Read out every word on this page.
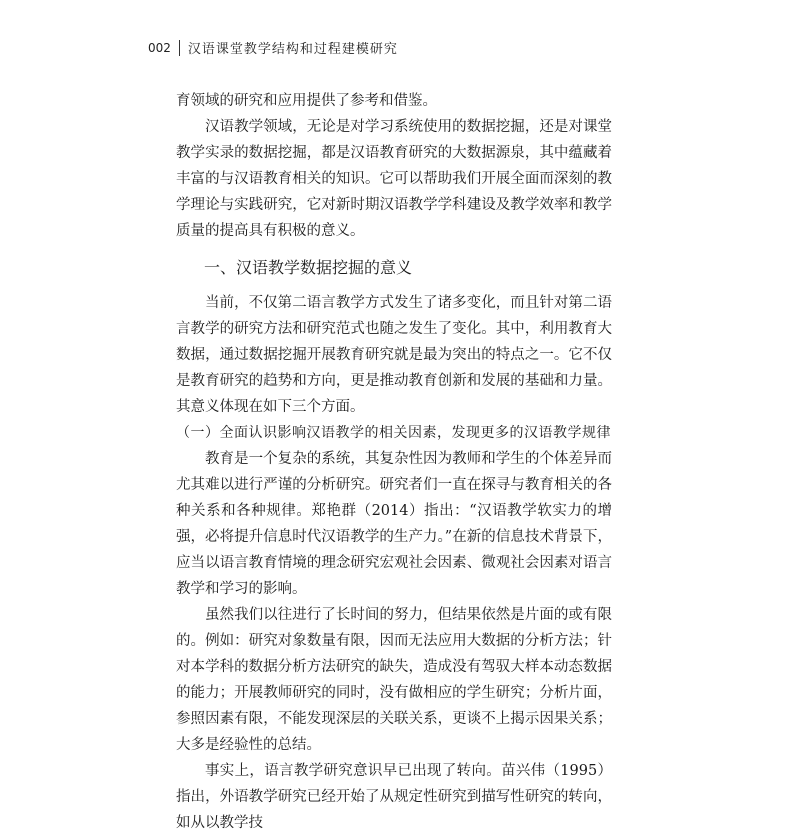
002	汉语课堂教学结构和过程建模研究

育领域的研究和应用提供了参考和借鉴。

汉语教学领域，无论是对学习系统使用的数据挖掘，还是对课堂教学实录的数据挖掘，都是汉语教育研究的大数据源泉，其中蕴藏着丰富的与汉语教育相关的知识。它可以帮助我们开展全面而深刻的教学理论与实践研究，它对新时期汉语教学学科建设及教学效率和教学质量的提高具有积极的意义。

一、汉语教学数据挖掘的意义

当前，不仅第二语言教学方式发生了诸多变化，而且针对第二语言教学的研究方法和研究范式也随之发生了变化。其中，利用教育大数据，通过数据挖掘开展教育研究就是最为突出的特点之一。它不仅是教育研究的趋势和方向，更是推动教育创新和发展的基础和力量。其意义体现在如下三个方面。

（一）全面认识影响汉语教学的相关因素，发现更多的汉语教学规律

教育是一个复杂的系统，其复杂性因为教师和学生的个体差异而尤其难以进行严谨的分析研究。研究者们一直在探寻与教育相关的各种关系和各种规律。郑艳群（2014）指出：“汉语教学软实力的增强，必将提升信息时代汉语教学的生产力。”在新的信息技术背景下，应当以语言教育情境的理念研究宏观社会因素、微观社会因素对语言教学和学习的影响。

虽然我们以往进行了长时间的努力，但结果依然是片面的或有限的。例如：研究对象数量有限，因而无法应用大数据的分析方法；针对本学科的数据分析方法研究的缺失，造成没有驾驭大样本动态数据的能力；开展教师研究的同时，没有做相应的学生研究；分析片面，参照因素有限，不能发现深层的关联关系，更谈不上揭示因果关系；大多是经验性的总结。

事实上，语言教学研究意识早已出现了转向。苗兴伟（1995）指出，外语教学研究已经开始了从规定性研究到描写性研究的转向，如从以教学技
